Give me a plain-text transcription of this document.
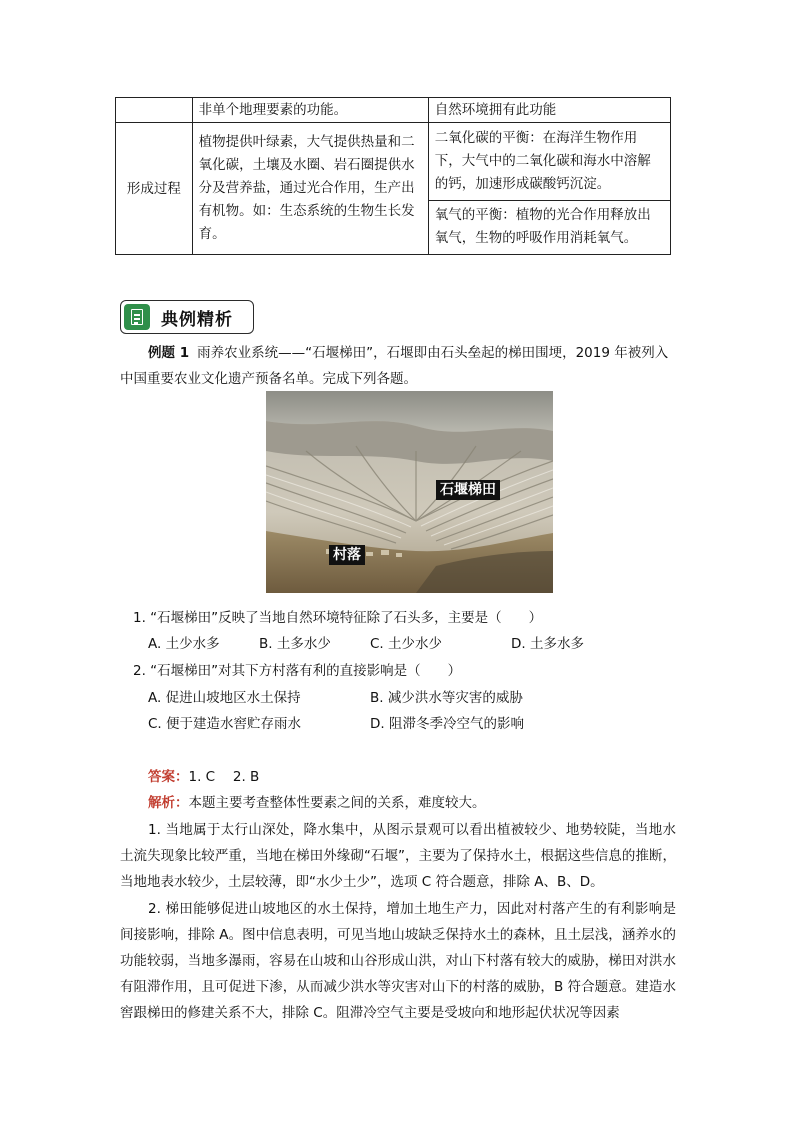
	非单个地理要素的功能。	自然环境拥有此功能
形成过程	植物提供叶绿素，大气提供热量和二氧化碳，土壤及水圈、岩石圈提供水分及营养盐，通过光合作用，生产出有机物。如：生态系统的生物生长发育。	二氧化碳的平衡：在海洋生物作用下，大气中的二氧化碳和海水中溶解的钙，加速形成碳酸钙沉淀。
		氧气的平衡：植物的光合作用释放出氧气，生物的呼吸作用消耗氧气。
典例精析
例题 1 雨养农业系统——“石堰梯田”，石堰即由石头垒起的梯田围埂，2019 年被列入中国重要农业文化遗产预备名单。完成下列各题。
石堰梯田
村落
1. “石堰梯田”反映了当地自然环境特征除了石头多，主要是（　　）
A. 土少水多	B. 土多水少	C. 土少水少	D. 土多水多
2. “石堰梯田”对其下方村落有利的直接影响是（　　）
A. 促进山坡地区水土保持	B. 减少洪水等灾害的威胁
C. 便于建造水窖贮存雨水	D. 阻滞冬季冷空气的影响
答案：1. C　 2. B
解析：本题主要考查整体性要素之间的关系，难度较大。
1. 当地属于太行山深处，降水集中，从图示景观可以看出植被较少、地势较陡，当地水土流失现象比较严重，当地在梯田外缘砌“石堰”，主要为了保持水土，根据这些信息的推断，当地地表水较少，土层较薄，即“水少土少”，选项 C 符合题意，排除 A、B、D。
2. 梯田能够促进山坡地区的水土保持，增加土地生产力，因此对村落产生的有利影响是间接影响，排除 A。图中信息表明，可见当地山坡缺乏保持水土的森林，且土层浅，涵养水的功能较弱，当地多瀑雨，容易在山坡和山谷形成山洪，对山下村落有较大的威胁，梯田对洪水有阻滞作用，且可促进下渗，从而减少洪水等灾害对山下的村落的威胁，B 符合题意。建造水窖跟梯田的修建关系不大，排除 C。阻滞冷空气主要是受坡向和地形起伏状况等因素
